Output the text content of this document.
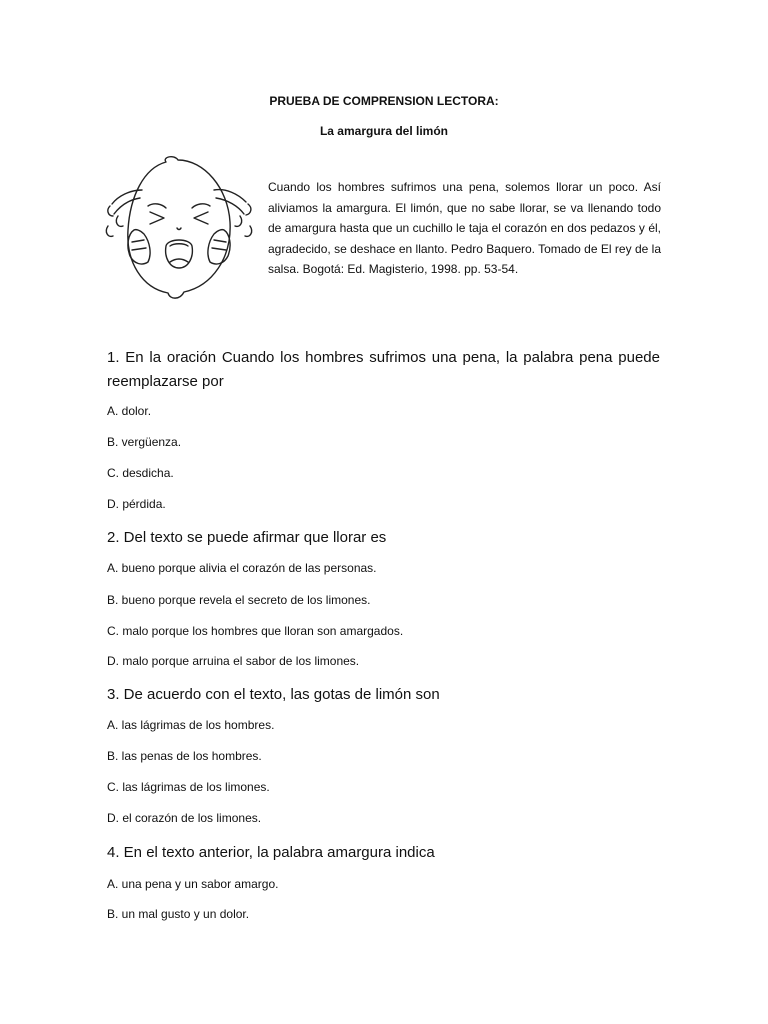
PRUEBA DE COMPRENSION LECTORA:
La amargura del limón
Cuando los hombres sufrimos una pena, solemos llorar un poco. Así aliviamos la amargura. El limón, que no sabe llorar, se va llenando todo de amargura hasta que un cuchillo le taja el corazón en dos pedazos y él, agradecido, se deshace en llanto. Pedro Baquero. Tomado de El rey de la salsa. Bogotá: Ed. Magisterio, 1998. pp. 53-54.
1. En la oración Cuando los hombres sufrimos una pena, la palabra pena puede reemplazarse por
A. dolor.
B. vergüenza.
C. desdicha.
D. pérdida.
2. Del texto se puede afirmar que llorar es
A. bueno porque alivia el corazón de las personas.
B. bueno porque revela el secreto de los limones.
C. malo porque los hombres que lloran son amargados.
D. malo porque arruina el sabor de los limones.
3. De acuerdo con el texto, las gotas de limón son
A. las lágrimas de los hombres.
B. las penas de los hombres.
C. las lágrimas de los limones.
D. el corazón de los limones.
4. En el texto anterior, la palabra amargura indica
A. una pena y un sabor amargo.
B. un mal gusto y un dolor.
